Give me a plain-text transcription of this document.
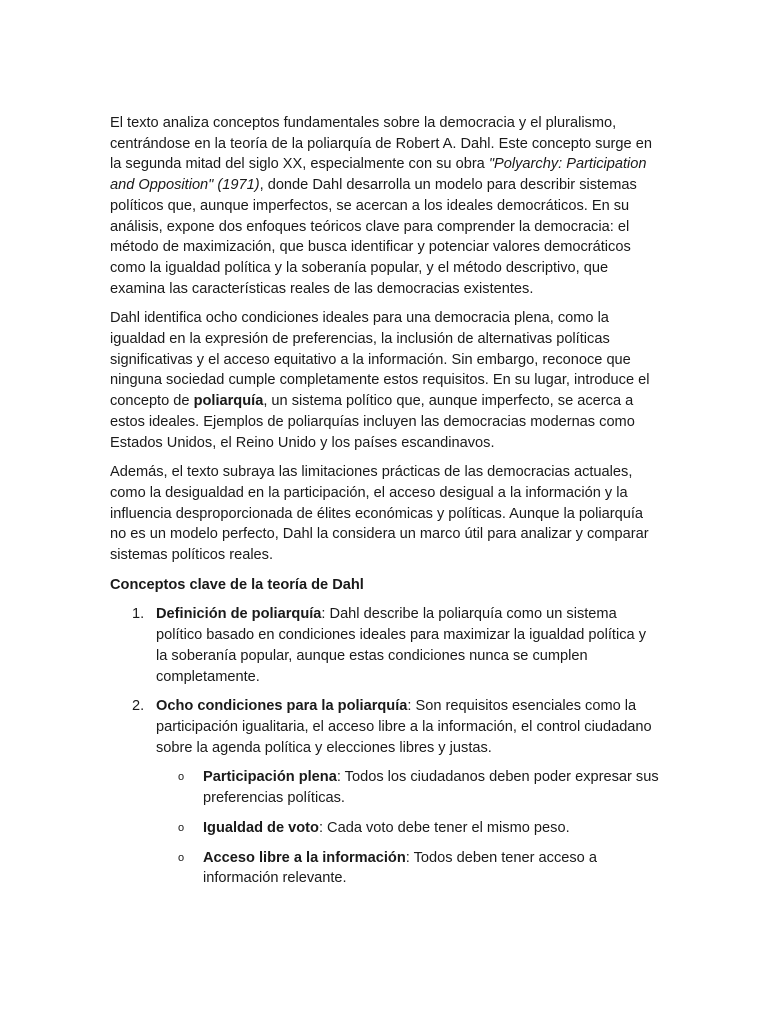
El texto analiza conceptos fundamentales sobre la democracia y el pluralismo, centrándose en la teoría de la poliarquía de Robert A. Dahl. Este concepto surge en la segunda mitad del siglo XX, especialmente con su obra "Polyarchy: Participation and Opposition" (1971), donde Dahl desarrolla un modelo para describir sistemas políticos que, aunque imperfectos, se acercan a los ideales democráticos. En su análisis, expone dos enfoques teóricos clave para comprender la democracia: el método de maximización, que busca identificar y potenciar valores democráticos como la igualdad política y la soberanía popular, y el método descriptivo, que examina las características reales de las democracias existentes.

Dahl identifica ocho condiciones ideales para una democracia plena, como la igualdad en la expresión de preferencias, la inclusión de alternativas políticas significativas y el acceso equitativo a la información. Sin embargo, reconoce que ninguna sociedad cumple completamente estos requisitos. En su lugar, introduce el concepto de poliarquía, un sistema político que, aunque imperfecto, se acerca a estos ideales. Ejemplos de poliarquías incluyen las democracias modernas como Estados Unidos, el Reino Unido y los países escandinavos.

Además, el texto subraya las limitaciones prácticas de las democracias actuales, como la desigualdad en la participación, el acceso desigual a la información y la influencia desproporcionada de élites económicas y políticas. Aunque la poliarquía no es un modelo perfecto, Dahl la considera un marco útil para analizar y comparar sistemas políticos reales.

Conceptos clave de la teoría de Dahl
1. Definición de poliarquía: Dahl describe la poliarquía como un sistema político basado en condiciones ideales para maximizar la igualdad política y la soberanía popular, aunque estas condiciones nunca se cumplen completamente.
2. Ocho condiciones para la poliarquía: Son requisitos esenciales como la participación igualitaria, el acceso libre a la información, el control ciudadano sobre la agenda política y elecciones libres y justas.
o Participación plena: Todos los ciudadanos deben poder expresar sus preferencias políticas.
o Igualdad de voto: Cada voto debe tener el mismo peso.
o Acceso libre a la información: Todos deben tener acceso a información relevante.
